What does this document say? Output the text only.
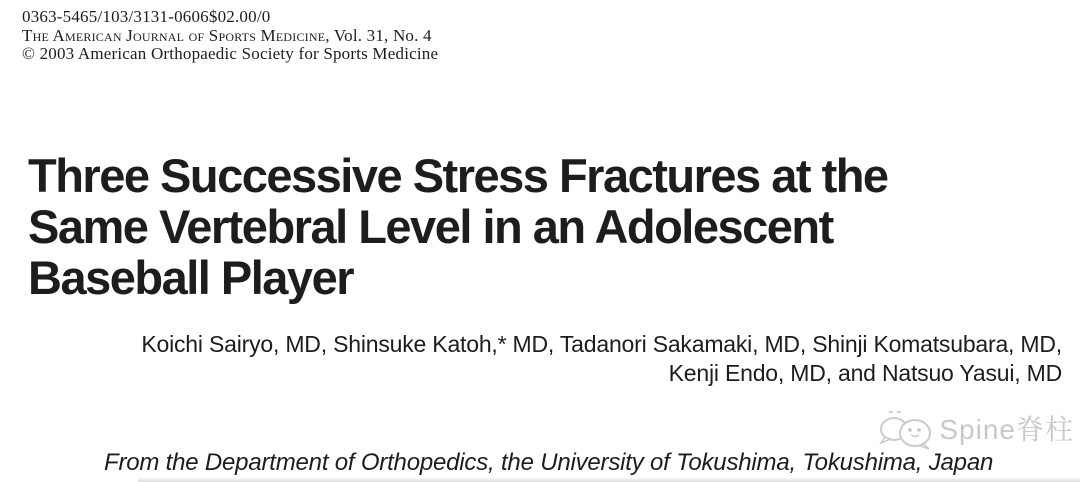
0363-5465/103/3131-0606$02.00/0
The American Journal of Sports Medicine, Vol. 31, No. 4
© 2003 American Orthopaedic Society for Sports Medicine
Three Successive Stress Fractures at the
Same Vertebral Level in an Adolescent
Baseball Player
Koichi Sairyo, MD, Shinsuke Katoh,* MD, Tadanori Sakamaki, MD, Shinji Komatsubara, MD,
Kenji Endo, MD, and Natsuo Yasui, MD
Spine脊柱
From the Department of Orthopedics, the University of Tokushima, Tokushima, Japan
